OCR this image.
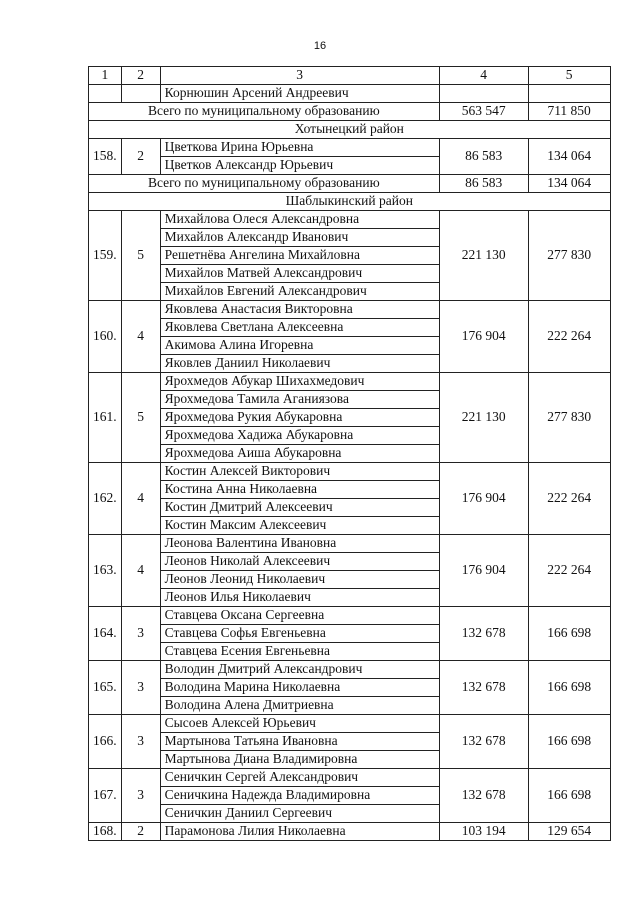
16
1	2	3	4	5
		Корнюшин Арсений Андреевич		
Всего по муниципальному образованию			563 547	711 850
Хотынецкий район				
158.	2	Цветкова Ирина Юрьевна	86 583	134 064
		Цветков Александр Юрьевич		
Всего по муниципальному образованию			86 583	134 064
Шаблыкинский район				
159.	5	Михайлова Олеся Александровна	221 130	277 830
		Михайлов Александр Иванович		
		Решетнёва Ангелина Михайловна		
		Михайлов Матвей Александрович		
		Михайлов Евгений Александрович		
160.	4	Яковлева Анастасия Викторовна	176 904	222 264
		Яковлева Светлана Алексеевна		
		Акимова Алина Игоревна		
		Яковлев Даниил Николаевич		
161.	5	Ярохмедов Абукар Шихахмедович	221 130	277 830
		Ярохмедова Тамила Аганиязова		
		Ярохмедова Рукия Абукаровна		
		Ярохмедова Хадижа Абукаровна		
		Ярохмедова Аиша Абукаровна		
162.	4	Костин Алексей Викторович	176 904	222 264
		Костина Анна Николаевна		
		Костин Дмитрий Алексеевич		
		Костин Максим Алексеевич		
163.	4	Леонова Валентина Ивановна	176 904	222 264
		Леонов Николай Алексеевич		
		Леонов Леонид Николаевич		
		Леонов Илья Николаевич		
164.	3	Ставцева Оксана Сергеевна	132 678	166 698
		Ставцева Софья Евгеньевна		
		Ставцева Есения Евгеньевна		
165.	3	Володин Дмитрий Александрович	132 678	166 698
		Володина Марина Николаевна		
		Володина Алена Дмитриевна		
166.	3	Сысоев Алексей Юрьевич	132 678	166 698
		Мартынова Татьяна Ивановна		
		Мартынова Диана Владимировна		
167.	3	Сеничкин Сергей Александрович	132 678	166 698
		Сеничкина Надежда Владимировна		
		Сеничкин Даниил Сергеевич		
168.	2	Парамонова Лилия Николаевна	103 194	129 654
